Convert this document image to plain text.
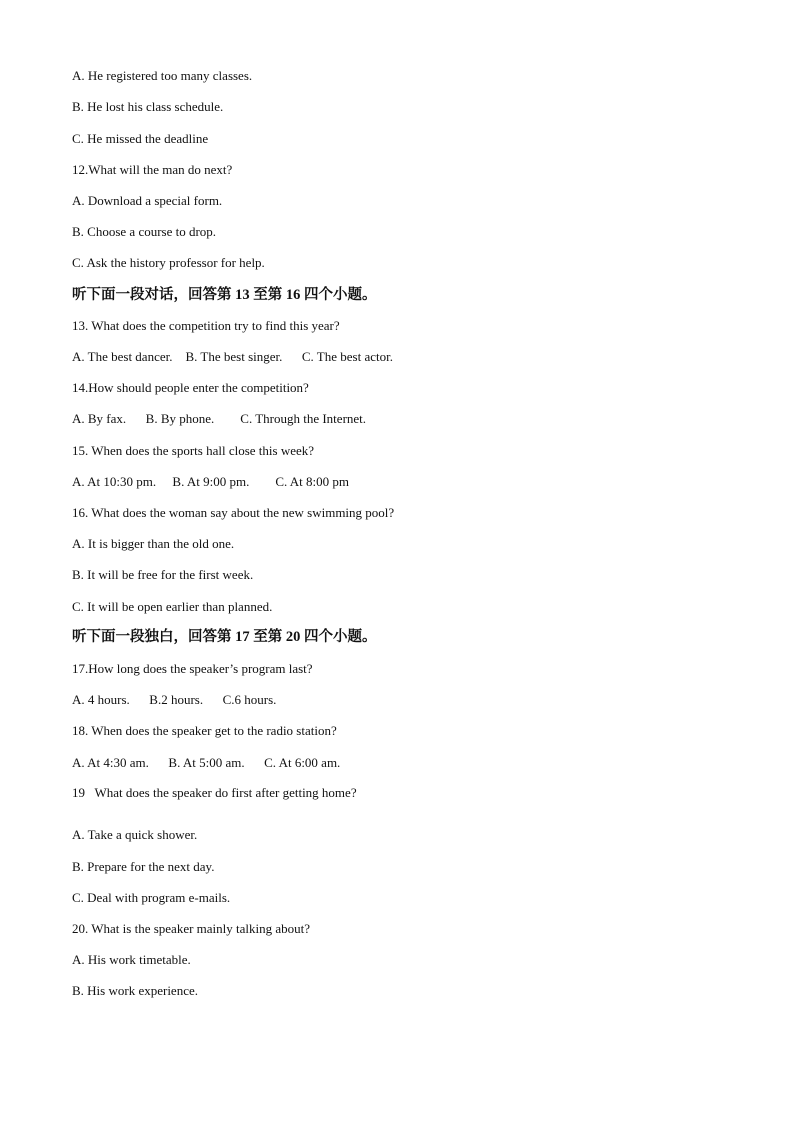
A. He registered too many classes.
B. He lost his class schedule.
C. He missed the deadline
12.What will the man do next?
A. Download a special form.
B. Choose a course to drop.
C. Ask the history professor for help.
听下面一段对话，回答第 13 至第 16 四个小题。
13. What does the competition try to find this year?
A. The best dancer.    B. The best singer.      C. The best actor.
14.How should people enter the competition?
A. By fax.      B. By phone.        C. Through the Internet.
15. When does the sports hall close this week?
A. At 10:30 pm.     B. At 9:00 pm.        C. At 8:00 pm
16. What does the woman say about the new swimming pool?
A. It is bigger than the old one.
B. It will be free for the first week.
C. It will be open earlier than planned.
听下面一段独白，回答第 17 至第 20 四个小题。
17.How long does the speaker’s program last?
A. 4 hours.      B.2 hours.      C.6 hours.
18. When does the speaker get to the radio station?
A. At 4:30 am.      B. At 5:00 am.      C. At 6:00 am.
19   What does the speaker do first after getting home?
A. Take a quick shower.
B. Prepare for the next day.
C. Deal with program e-mails.
20. What is the speaker mainly talking about?
A. His work timetable.
B. His work experience.
